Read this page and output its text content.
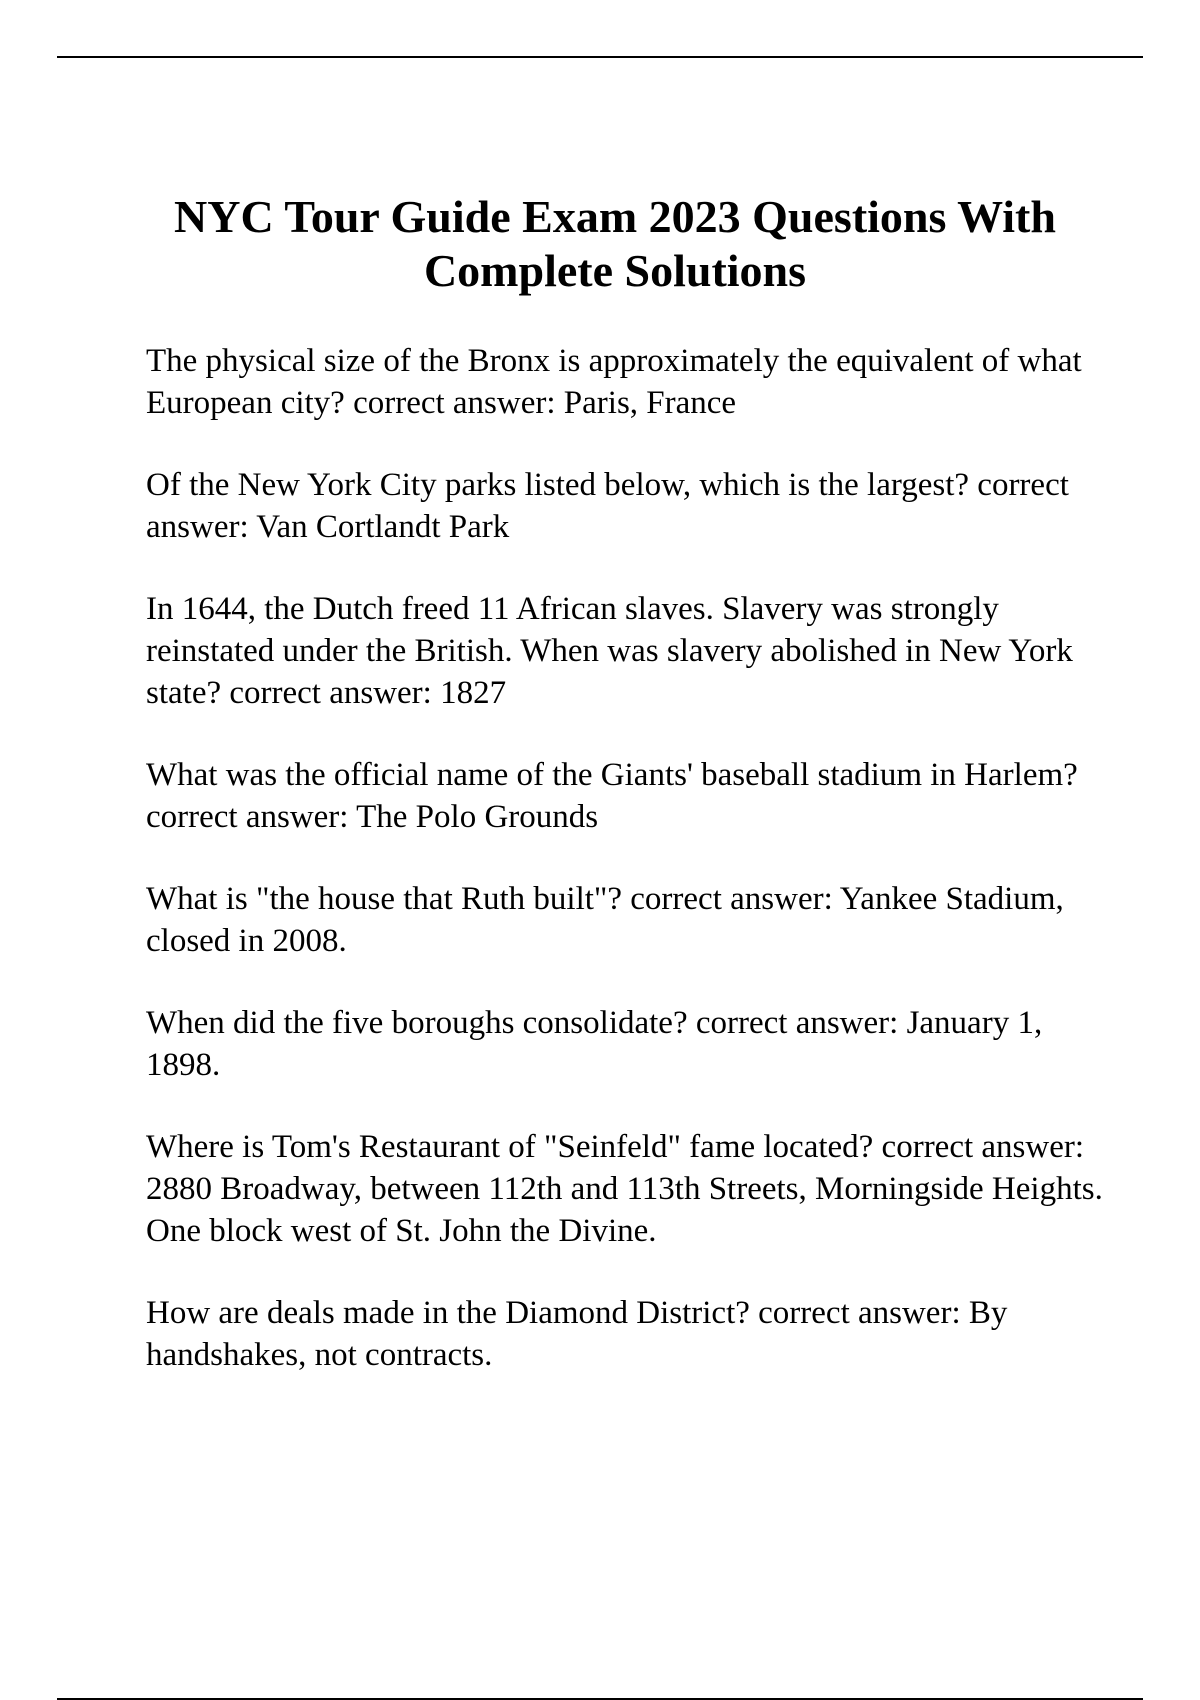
NYC Tour Guide Exam 2023 Questions With Complete Solutions

The physical size of the Bronx is approximately the equivalent of what European city? correct answer: Paris, France

Of the New York City parks listed below, which is the largest? correct answer: Van Cortlandt Park

In 1644, the Dutch freed 11 African slaves. Slavery was strongly reinstated under the British. When was slavery abolished in New York state? correct answer: 1827

What was the official name of the Giants' baseball stadium in Harlem? correct answer: The Polo Grounds

What is "the house that Ruth built"? correct answer: Yankee Stadium, closed in 2008.

When did the five boroughs consolidate? correct answer: January 1, 1898.

Where is Tom's Restaurant of "Seinfeld" fame located? correct answer: 2880 Broadway, between 112th and 113th Streets, Morningside Heights. One block west of St. John the Divine.

How are deals made in the Diamond District? correct answer: By handshakes, not contracts.
